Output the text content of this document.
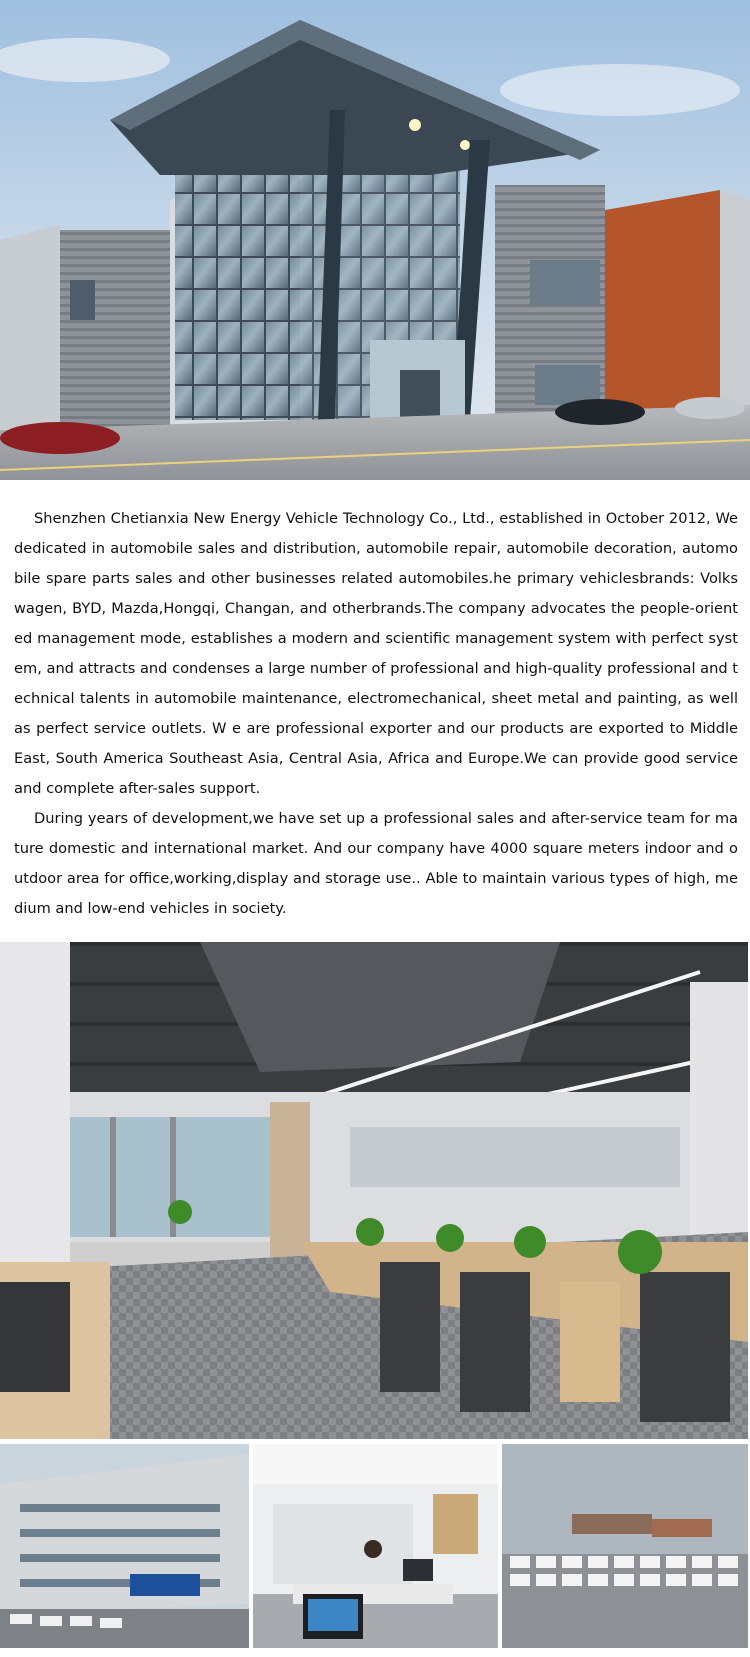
Shenzhen Chetianxia New Energy Vehicle Technology Co., Ltd., established in October 2012, We dedicated in automobile sales and distribution, automobile repair, automobile decoration, automobile spare parts sales and other businesses related automobiles.he primary vehiclesbrands: Volkswagen, BYD, Mazda,Hongqi, Changan, and otherbrands.The company advocates the people-oriented management mode, establishes a modern and scientific management system with perfect system, and attracts and condenses a large number of professional and high-quality professional and technical talents in automobile maintenance, electromechanical, sheet metal and painting, as well as perfect service outlets. W e are professional exporter and our products are exported to Middle East, South America Southeast Asia, Central Asia, Africa and Europe.We can provide good service and complete after-sales support.

During years of development,we have set up a professional sales and after-service team for mature domestic and international market. And our company have 4000 square meters indoor and outdoor area for office,working,display and storage use.. Able to maintain various types of high, medium and low-end vehicles in society.
